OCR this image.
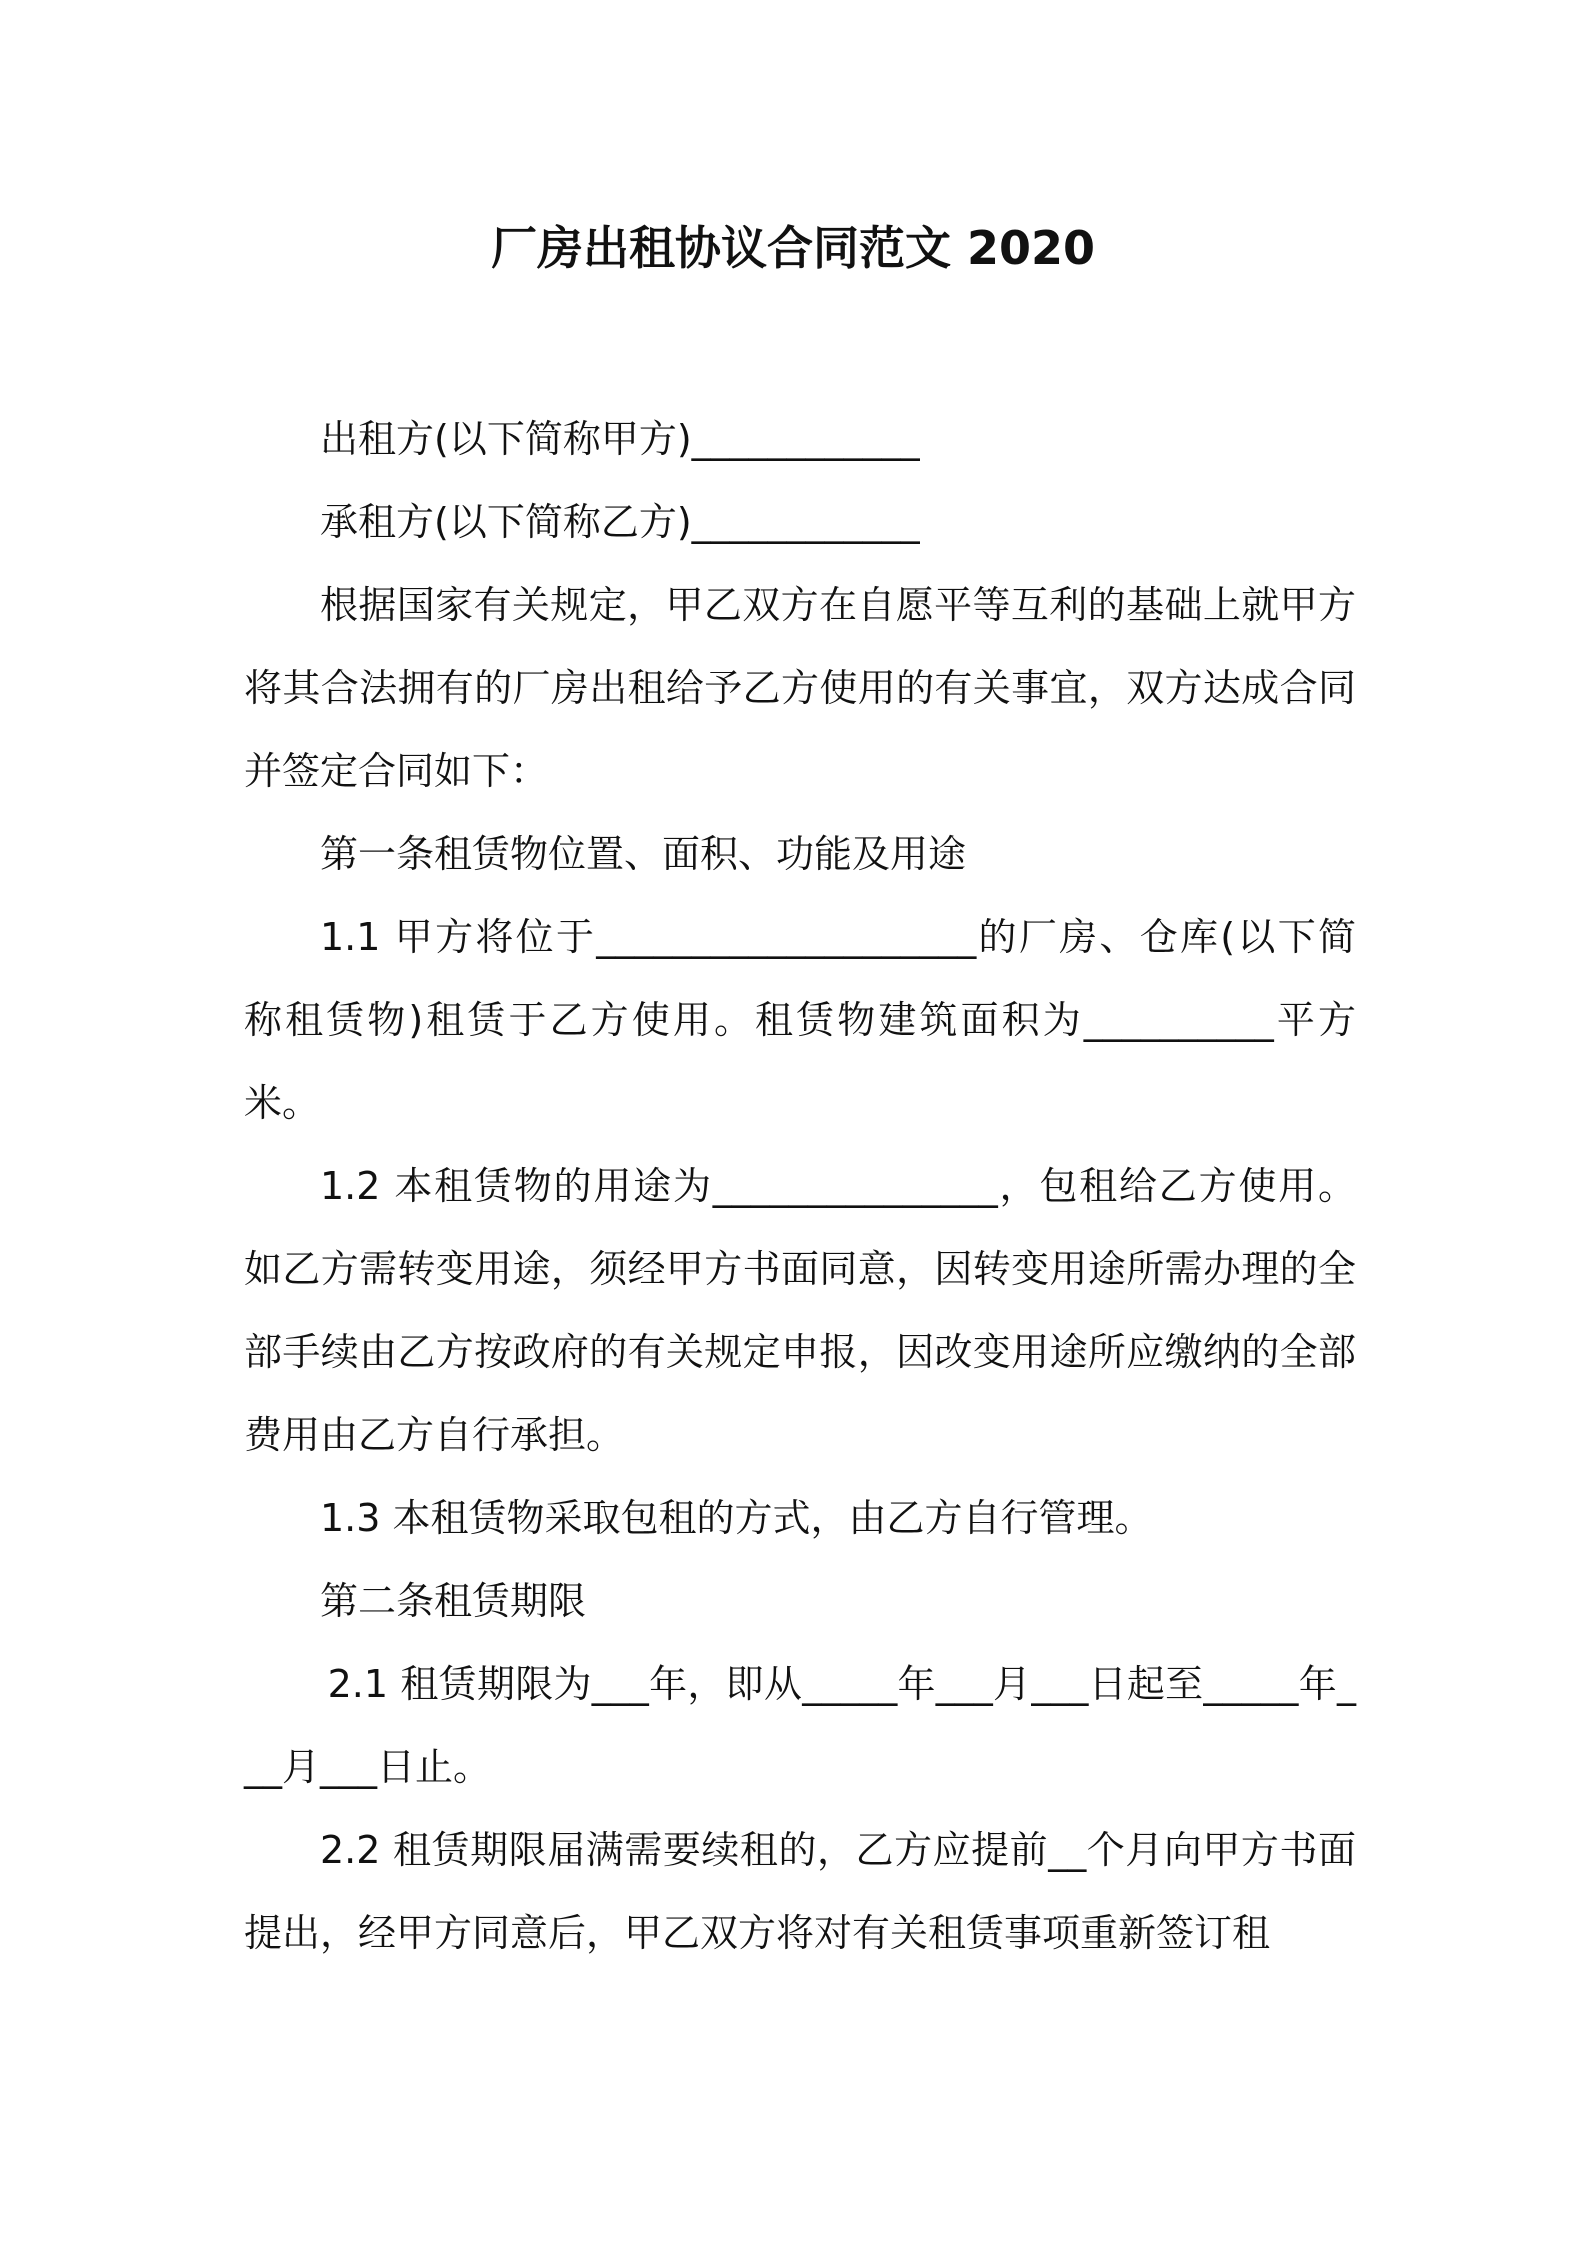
厂房出租协议合同范文 2020

出租方(以下简称甲方)____________

承租方(以下简称乙方)____________

根据国家有关规定，甲乙双方在自愿平等互利的基础上就甲方将其合法拥有的厂房出租给予乙方使用的有关事宜，双方达成合同并签定合同如下：

第一条租赁物位置、面积、功能及用途

1.1 甲方将位于____________________的厂房、仓库(以下简称租赁物)租赁于乙方使用。租赁物建筑面积为__________平方米。

1.2 本租赁物的用途为_______________，包租给乙方使用。如乙方需转变用途，须经甲方书面同意，因转变用途所需办理的全部手续由乙方按政府的有关规定申报，因改变用途所应缴纳的全部费用由乙方自行承担。

1.3 本租赁物采取包租的方式，由乙方自行管理。

第二条租赁期限

2.1 租赁期限为___年，即从_____年___月___日起至_____年___月___日止。

2.2 租赁期限届满需要续租的，乙方应提前__个月向甲方书面提出，经甲方同意后，甲乙双方将对有关租赁事项重新签订租
